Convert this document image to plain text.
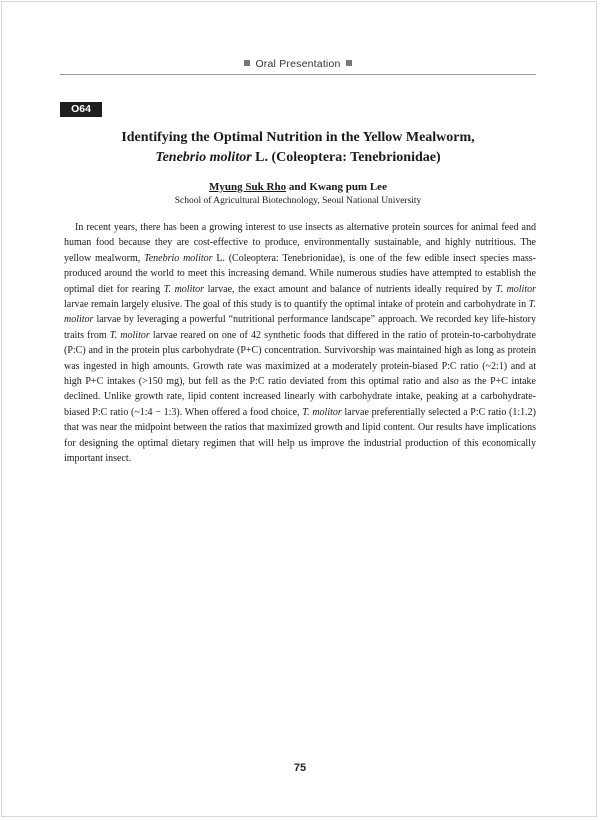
Oral Presentation
O64
Identifying the Optimal Nutrition in the Yellow Mealworm,
Tenebrio molitor L. (Coleoptera: Tenebrionidae)
Myung Suk Rho and Kwang pum Lee
School of Agricultural Biotechnology, Seoul National University

In recent years, there has been a growing interest to use insects as alternative protein sources for animal feed and human food because they are cost-effective to produce, environmentally sustainable, and highly nutritious. The yellow mealworm, Tenebrio molitor L. (Coleoptera: Tenebrionidae), is one of the few edible insect species mass-produced around the world to meet this increasing demand. While numerous studies have attempted to establish the optimal diet for rearing T. molitor larvae, the exact amount and balance of nutrients ideally required by T. molitor larvae remain largely elusive. The goal of this study is to quantify the optimal intake of protein and carbohydrate in T. molitor larvae by leveraging a powerful “nutritional performance landscape” approach. We recorded key life-history traits from T. molitor larvae reared on one of 42 synthetic foods that differed in the ratio of protein-to-carbohydrate (P:C) and in the protein plus carbohydrate (P+C) concentration. Survivorship was maintained high as long as protein was ingested in high amounts. Growth rate was maximized at a moderately protein-biased P:C ratio (~2:1) and at high P+C intakes (>150 mg), but fell as the P:C ratio deviated from this optimal ratio and also as the P+C intake declined. Unlike growth rate, lipid content increased linearly with carbohydrate intake, peaking at a carbohydrate-biased P:C ratio (~1:4 − 1:3). When offered a food choice, T. molitor larvae preferentially selected a P:C ratio (1:1.2) that was near the midpoint between the ratios that maximized growth and lipid content. Our results have implications for designing the optimal dietary regimen that will help us improve the industrial production of this economically important insect.

75
